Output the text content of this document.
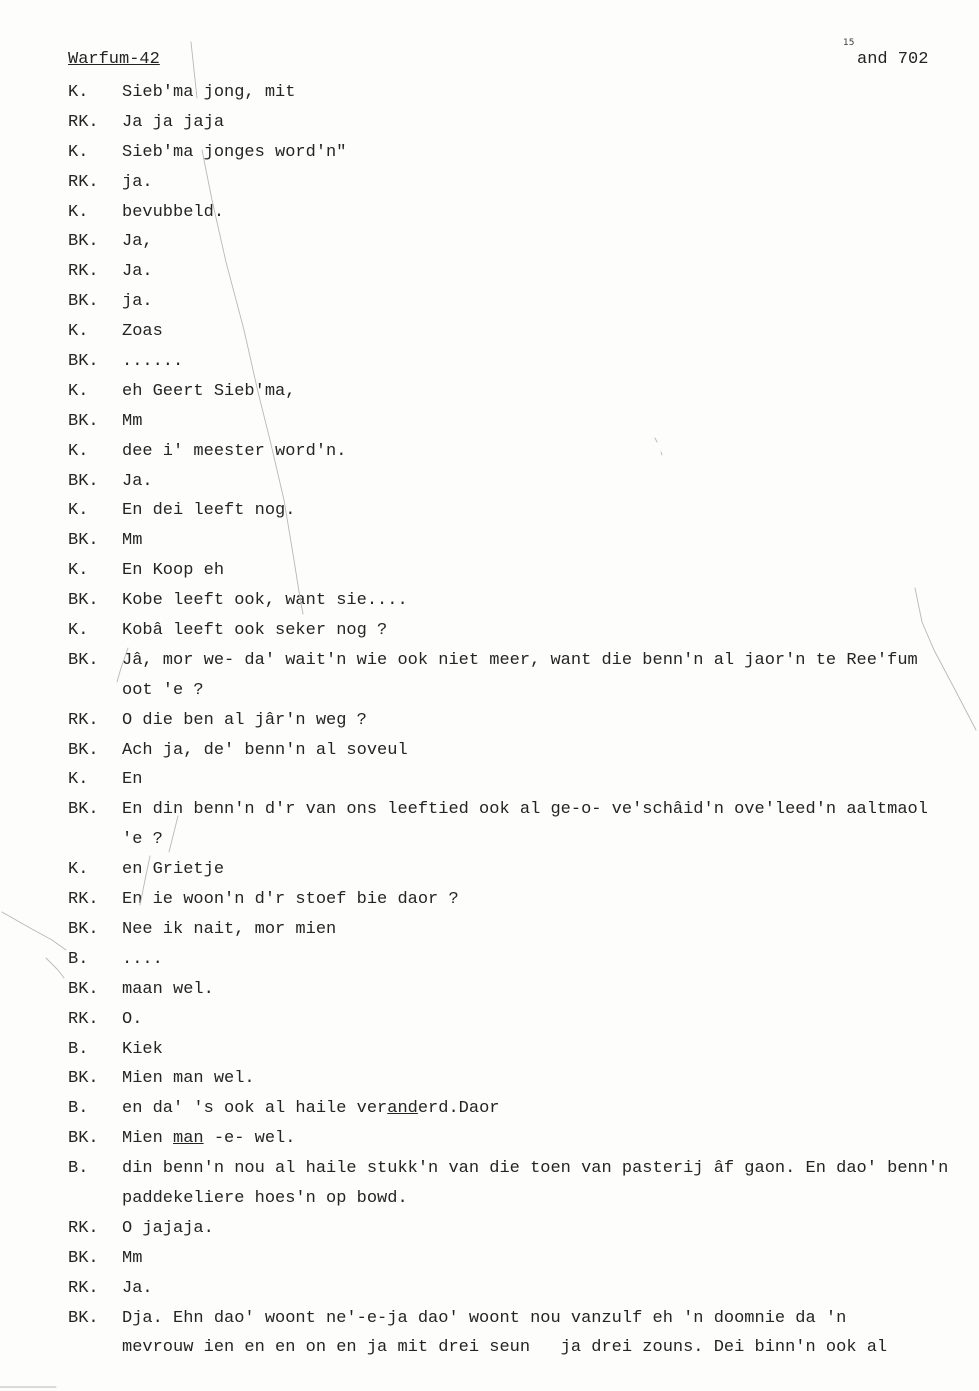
Warfum-42
15
and 702
K. Sieb'ma jong, mit
RK. Ja ja jaja
K. Sieb'ma jonges word'n"
RK. ja.
K. bevubbeld.
BK. Ja,
RK. Ja.
BK. ja.
K. Zoas
BK. ......
K. eh Geert Sieb'ma,
BK. Mm
K. dee i' meester word'n.
BK. Ja.
K. En dei leeft nog.
BK. Mm
K. En Koop eh
BK. Kobe leeft ook, want sie....
K. Kobâ leeft ook seker nog ?
BK. Jâ, mor we- da' wait'n wie ook niet meer, want die benn'n al jaor'n te Ree'fum
oot 'e ?
RK. O die ben al jâr'n weg ?
BK. Ach ja, de' benn'n al soveul
K. En
BK. En din benn'n d'r van ons leeftied ook al ge-o- ve'schâid'n ove'leed'n aaltmaol
'e ?
K. en Grietje
RK. En ie woon'n d'r stoef bie daor ?
BK. Nee ik nait, mor mien
B. ....
BK. maan wel.
RK. O.
B. Kiek
BK. Mien man wel.
B. en da' 's ook al haile veranderd.Daor
BK. Mien man -e- wel.
B. din benn'n nou al haile stukk'n van die toen van pasterij âf gaon. En dao' benn'n
paddekeliere hoes'n op bowd.
RK. O jajaja.
BK. Mm
RK. Ja.
BK. Dja. Ehn dao' woont ne'-e-ja dao' woont nou vanzulf eh 'n doomnie da 'n
mevrouw ien en en on en ja mit drei seun   ja drei zouns. Dei binn'n ook al
